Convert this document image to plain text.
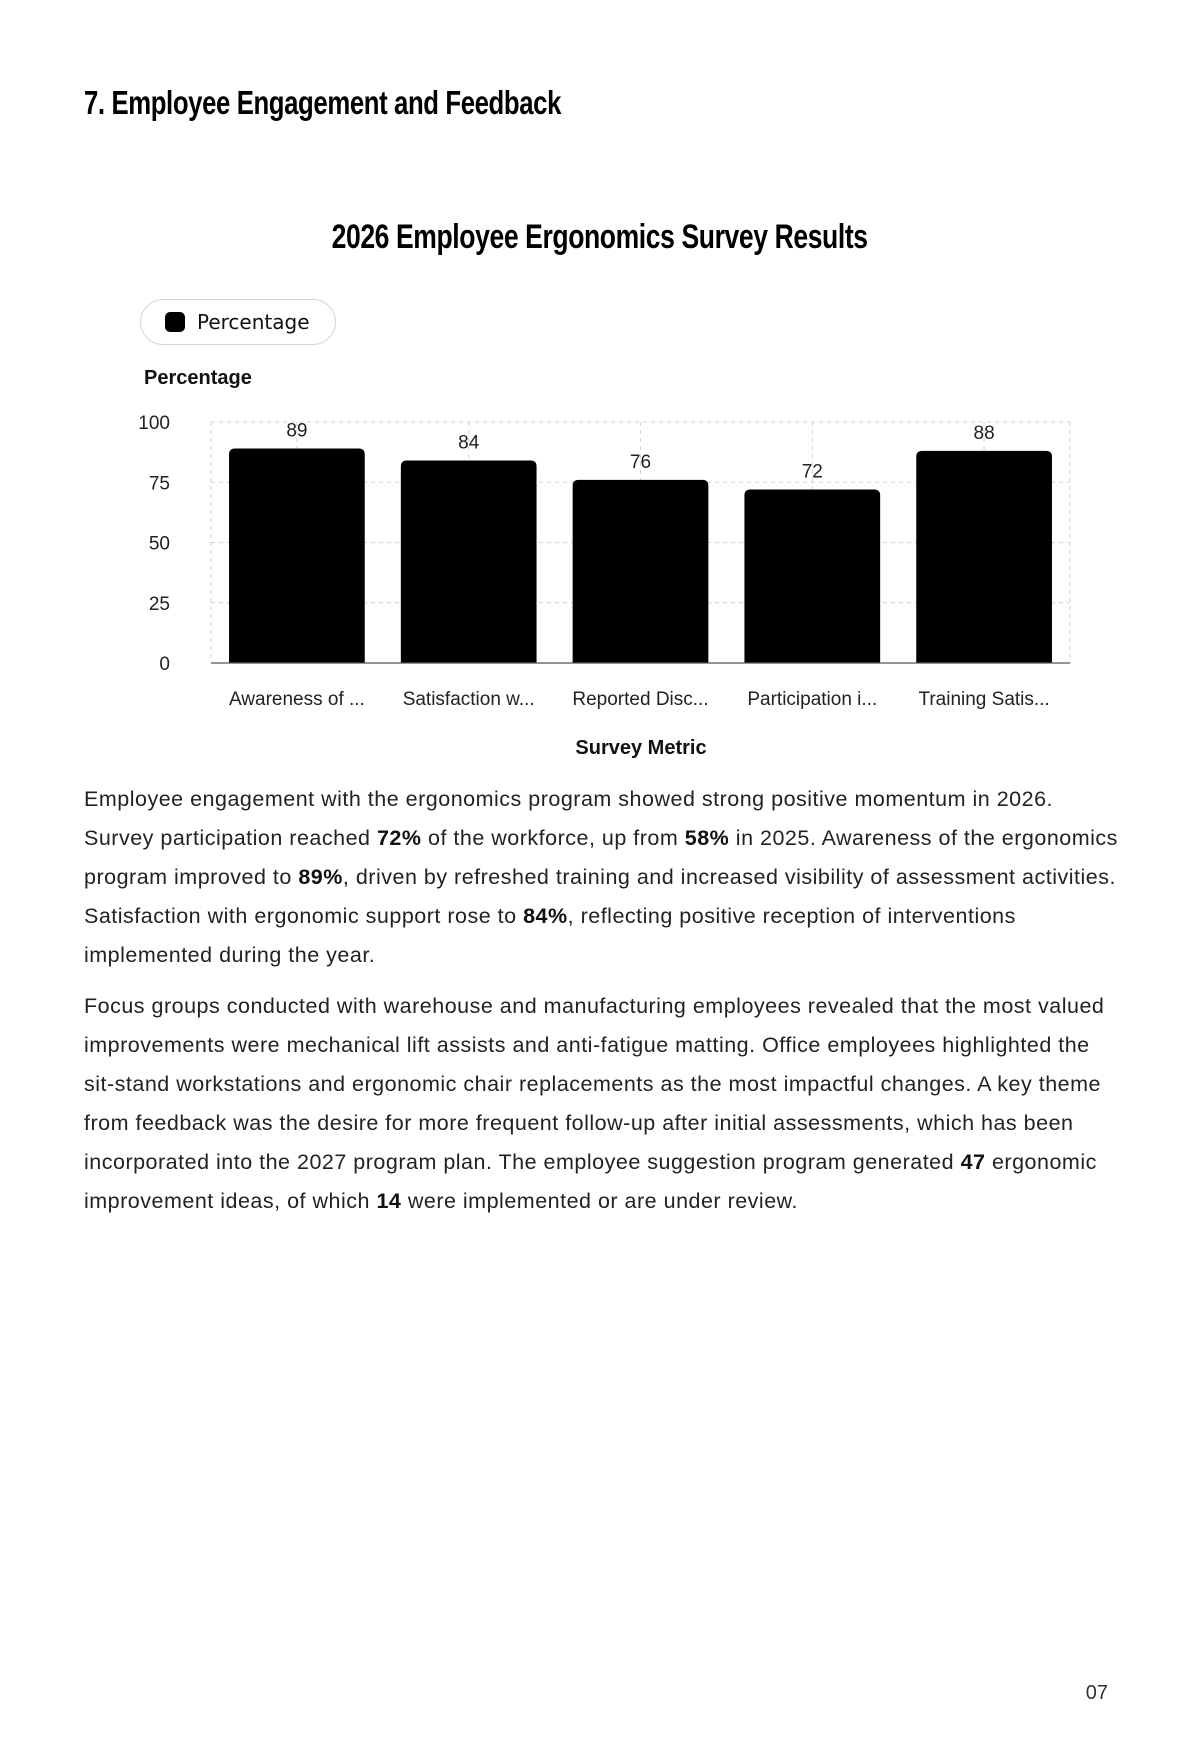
7. Employee Engagement and Feedback
0
25
50
75
100
Percentage
89
Awareness of ...
84
Satisfaction w...
76
Reported Disc...
72
Participation i...
88
Training Satis...
Survey Metric
2026 Employee Ergonomics Survey Results
Percentage

Employee engagement with the ergonomics program showed strong positive momentum in 2026. Survey participation reached 72% of the workforce, up from 58% in 2025. Awareness of the ergonomics program improved to 89%, driven by refreshed training and increased visibility of assessment activities. Satisfaction with ergonomic support rose to 84%, reflecting positive reception of interventions implemented during the year.

Focus groups conducted with warehouse and manufacturing employees revealed that the most valued improvements were mechanical lift assists and anti-fatigue matting. Office employees highlighted the sit-stand workstations and ergonomic chair replacements as the most impactful changes. A key theme from feedback was the desire for more frequent follow-up after initial assessments, which has been incorporated into the 2027 program plan. The employee suggestion program generated 47 ergonomic improvement ideas, of which 14 were implemented or are under review.

07
